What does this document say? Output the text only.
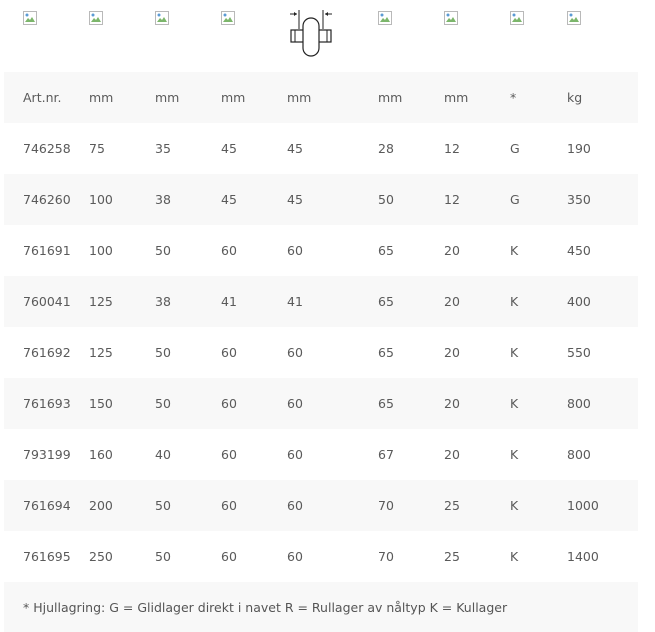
Art.nr.	mm	mm	mm	mm	mm	mm	*	kg
746258	75	35	45	45	28	12	G	190
746260	100	38	45	45	50	12	G	350
761691	100	50	60	60	65	20	K	450
760041	125	38	41	41	65	20	K	400
761692	125	50	60	60	65	20	K	550
761693	150	50	60	60	65	20	K	800
793199	160	40	60	60	67	20	K	800
761694	200	50	60	60	70	25	K	1000
761695	250	50	60	60	70	25	K	1400
* Hjullagring: G = Glidlager direkt i navet R = Rullager av nåltyp K = Kullager								
